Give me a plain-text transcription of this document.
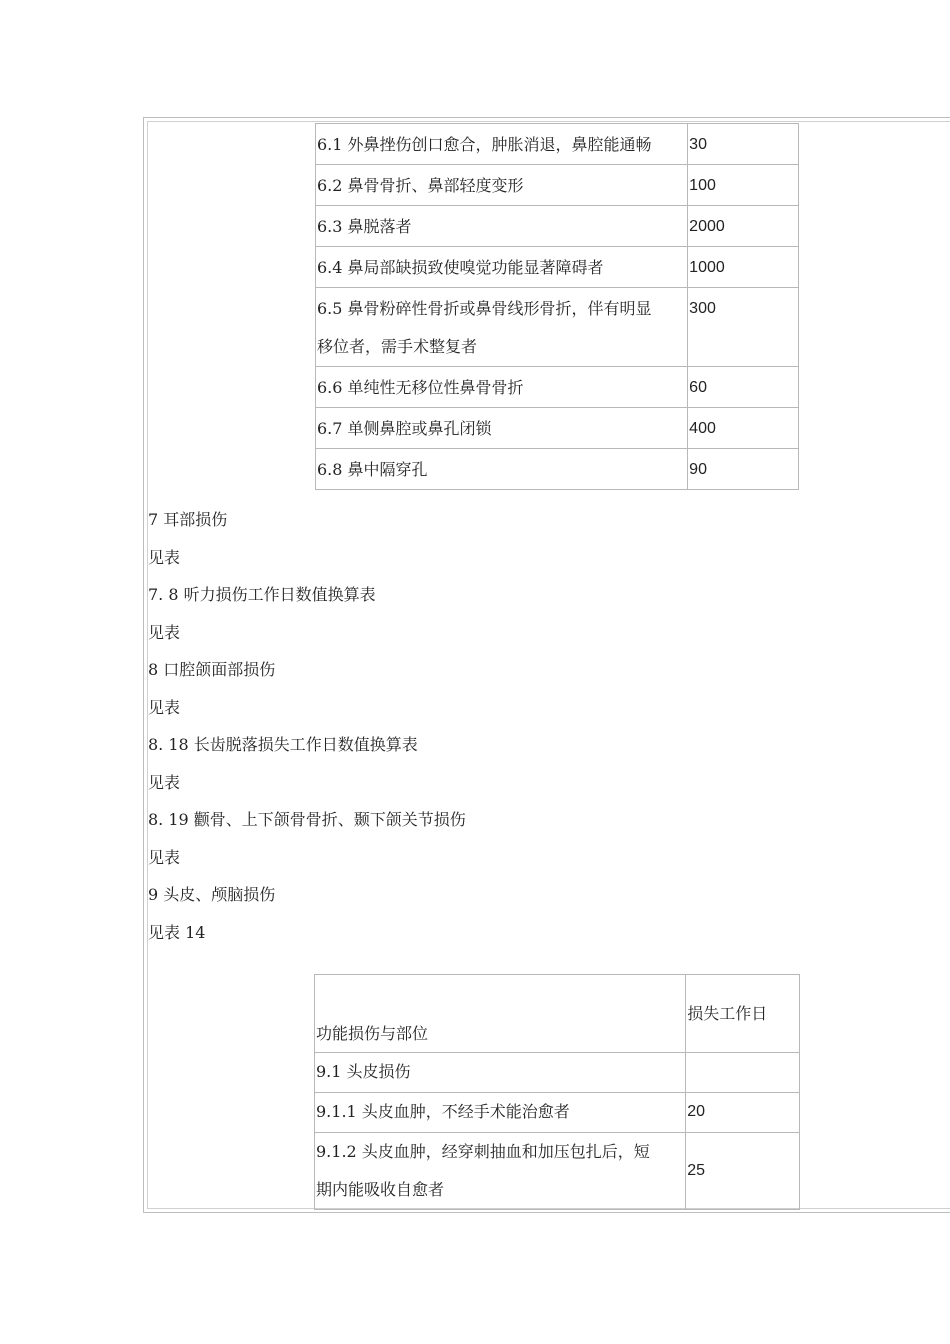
6.1 外鼻挫伤创口愈合，肿胀消退，鼻腔能通畅	30
6.2 鼻骨骨折、鼻部轻度变形	100
6.3 鼻脱落者	2000
6.4 鼻局部缺损致使嗅觉功能显著障碍者	1000

6.5 鼻骨粉碎性骨折或鼻骨线形骨折，伴有明显
移位者，需手术整复者	300
6.6 单纯性无移位性鼻骨骨折	60
6.7 单侧鼻腔或鼻孔闭锁	400
6.8 鼻中隔穿孔	90
7 耳部损伤
见表
7. 8 听力损伤工作日数值换算表
见表
8 口腔颌面部损伤
见表
8. 18 长齿脱落损失工作日数值换算表
见表
8. 19 颧骨、上下颌骨骨折、颞下颌关节损伤
见表
9 头皮、颅脑损伤
见表 14
功能损伤与部位	损失工作日
9.1 头皮损伤	
9.1.1 头皮血肿，不经手术能治愈者	20

9.1.2 头皮血肿，经穿刺抽血和加压包扎后，短
期内能吸收自愈者	25
